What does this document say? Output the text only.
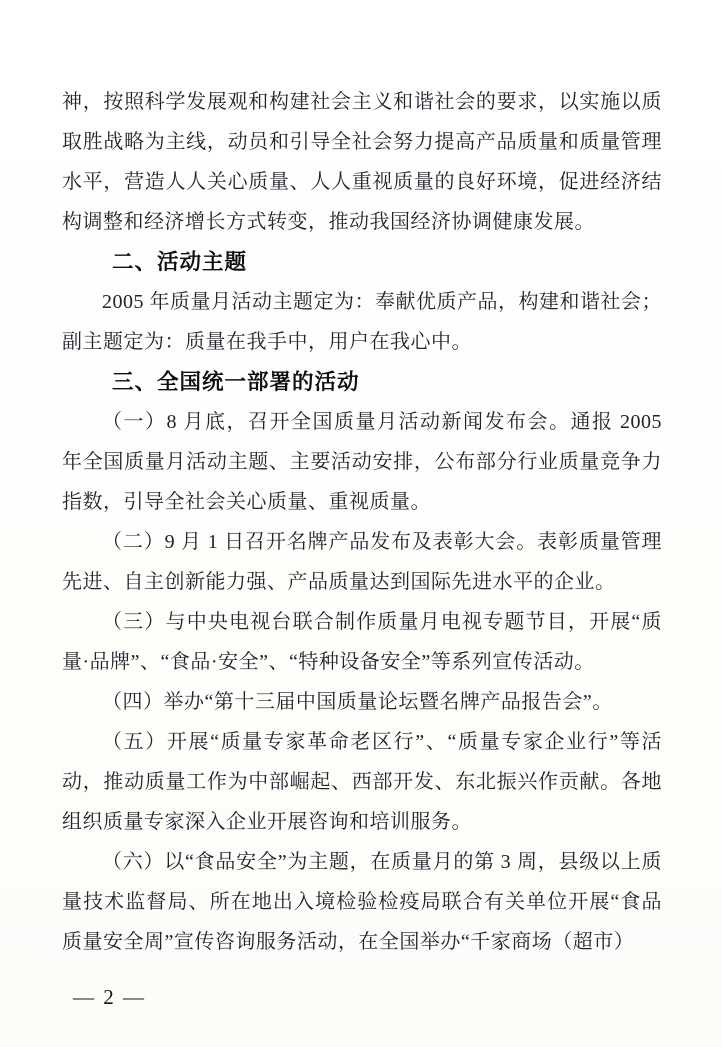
神，按照科学发展观和构建社会主义和谐社会的要求，以实施以质取胜战略为主线，动员和引导全社会努力提高产品质量和质量管理水平，营造人人关心质量、人人重视质量的良好环境，促进经济结构调整和经济增长方式转变，推动我国经济协调健康发展。

二、活动主题

2005 年质量月活动主题定为：奉献优质产品，构建和谐社会；副主题定为：质量在我手中，用户在我心中。

三、全国统一部署的活动

（一）8 月底，召开全国质量月活动新闻发布会。通报 2005 年全国质量月活动主题、主要活动安排，公布部分行业质量竞争力指数，引导全社会关心质量、重视质量。

（二）9 月 1 日召开名牌产品发布及表彰大会。表彰质量管理先进、自主创新能力强、产品质量达到国际先进水平的企业。

（三）与中央电视台联合制作质量月电视专题节目，开展“质量·品牌”、“食品·安全”、“特种设备安全”等系列宣传活动。

（四）举办“第十三届中国质量论坛暨名牌产品报告会”。

（五）开展“质量专家革命老区行”、“质量专家企业行”等活动，推动质量工作为中部崛起、西部开发、东北振兴作贡献。各地组织质量专家深入企业开展咨询和培训服务。

（六）以“食品安全”为主题，在质量月的第 3 周，县级以上质量技术监督局、所在地出入境检验检疫局联合有关单位开展“食品质量安全周”宣传咨询服务活动，在全国举办“千家商场（超市）

— 2 —
